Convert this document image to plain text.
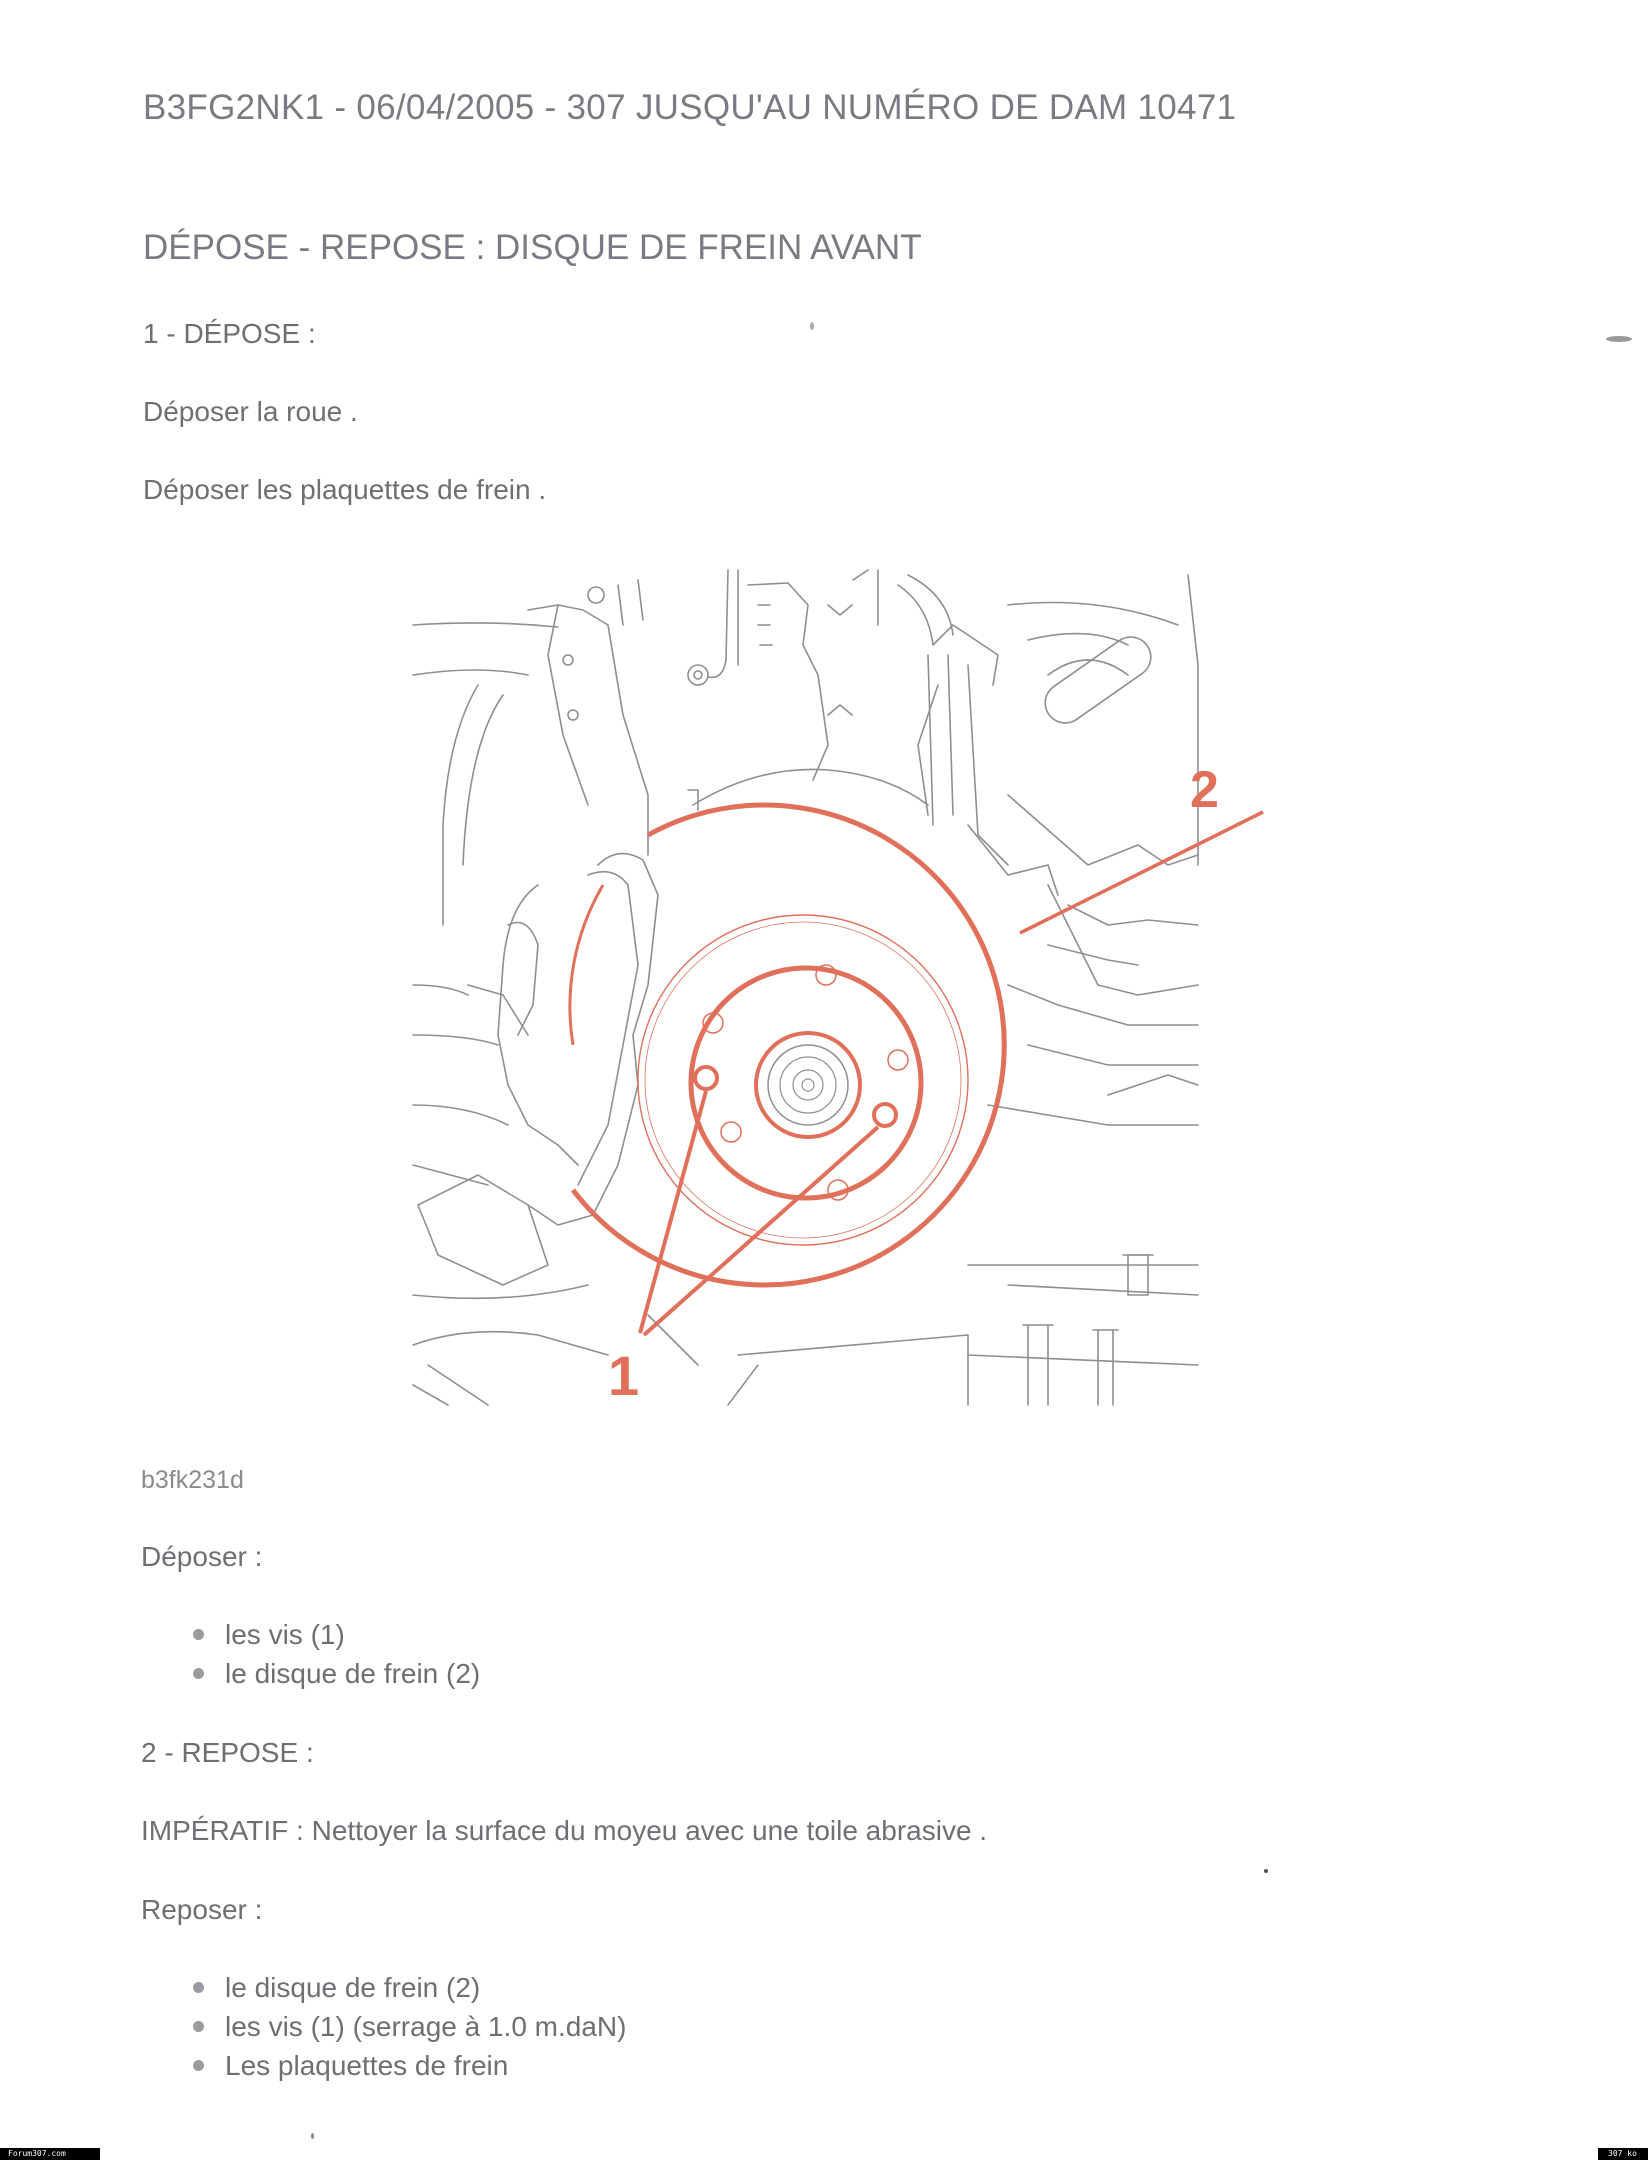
B3FG2NK1 - 06/04/2005 - 307 JUSQU'AU NUMÉRO DE DAM 10471
DÉPOSE - REPOSE : DISQUE DE FREIN AVANT
1 - DÉPOSE :
Déposer la roue .
Déposer les plaquettes de frein .
1
2
b3fk231d
Déposer :
les vis (1)
le disque de frein (2)
2 - REPOSE :
IMPÉRATIF : Nettoyer la surface du moyeu avec une toile abrasive .
Reposer :
le disque de frein (2)
les vis (1) (serrage à 1.0 m.daN)
Les plaquettes de frein
Forum307.com	307 ko
